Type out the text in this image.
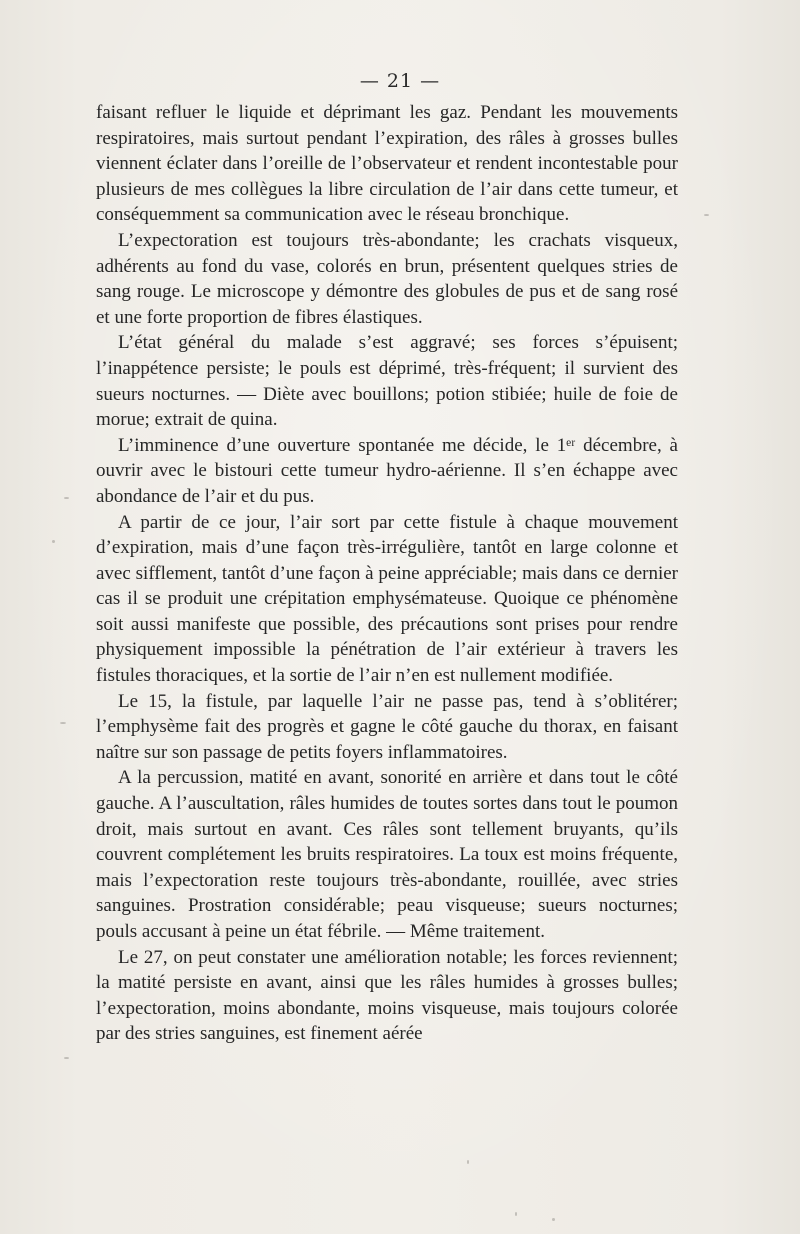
— 21 —

faisant refluer le liquide et déprimant les gaz. Pendant les mouvements respiratoires, mais surtout pendant l’expiration, des râles à grosses bulles viennent éclater dans l’oreille de l’observateur et rendent incontestable pour plusieurs de mes collègues la libre circulation de l’air dans cette tumeur, et conséquemment sa communication avec le réseau bronchique.

L’expectoration est toujours très-abondante; les crachats visqueux, adhérents au fond du vase, colorés en brun, présentent quelques stries de sang rouge. Le microscope y démontre des globules de pus et de sang rosé et une forte proportion de fibres élastiques.

L’état général du malade s’est aggravé; ses forces s’épuisent; l’inappétence persiste; le pouls est déprimé, très-fréquent; il survient des sueurs nocturnes. — Diète avec bouillons; potion stibiée; huile de foie de morue; extrait de quina.

L’imminence d’une ouverture spontanée me décide, le 1ᵉʳ décembre, à ouvrir avec le bistouri cette tumeur hydro-aérienne. Il s’en échappe avec abondance de l’air et du pus.

A partir de ce jour, l’air sort par cette fistule à chaque mouvement d’expiration, mais d’une façon très-irrégulière, tantôt en large colonne et avec sifflement, tantôt d’une façon à peine appréciable; mais dans ce dernier cas il se produit une crépitation emphysémateuse. Quoique ce phénomène soit aussi manifeste que possible, des précautions sont prises pour rendre physiquement impossible la pénétration de l’air extérieur à travers les fistules thoraciques, et la sortie de l’air n’en est nullement modifiée.

Le 15, la fistule, par laquelle l’air ne passe pas, tend à s’oblitérer; l’emphysème fait des progrès et gagne le côté gauche du thorax, en faisant naître sur son passage de petits foyers inflammatoires.

A la percussion, matité en avant, sonorité en arrière et dans tout le côté gauche. A l’auscultation, râles humides de toutes sortes dans tout le poumon droit, mais surtout en avant. Ces râles sont tellement bruyants, qu’ils couvrent complétement les bruits respiratoires. La toux est moins fréquente, mais l’expectoration reste toujours très-abondante, rouillée, avec stries sanguines. Prostration considérable; peau visqueuse; sueurs nocturnes; pouls accusant à peine un état fébrile. — Même traitement.

Le 27, on peut constater une amélioration notable; les forces reviennent; la matité persiste en avant, ainsi que les râles humides à grosses bulles; l’expectoration, moins abondante, moins visqueuse, mais toujours colorée par des stries sanguines, est finement aérée
